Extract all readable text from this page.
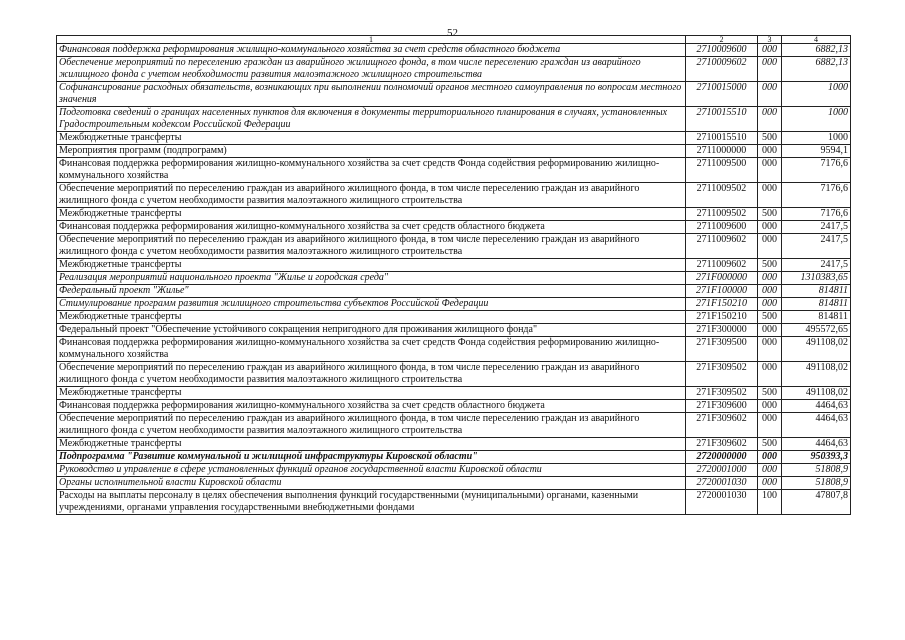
52
1	2	3	4
Финансовая поддержка реформирования жилищно-коммунального хозяйства за счет средств областного бюджета	2710009600	000	6882,13
Обеспечение мероприятий по переселению граждан из аварийного жилищного фонда, в том числе переселению граждан из аварийного жилищного фонда с учетом необходимости развития малоэтажного жилищного строительства	2710009602	000	6882,13
Софинансирование расходных обязательств, возникающих при выполнении полномочий органов местного самоуправления по вопросам местного значения	2710015000	000	1000
Подготовка сведений о границах населенных пунктов для включения в документы территориального планирования в случаях, установленных Градостроительным кодексом Российской Федерации	2710015510	000	1000
Межбюджетные трансферты	2710015510	500	1000
Мероприятия программ (подпрограмм)	2711000000	000	9594,1
Финансовая поддержка реформирования жилищно-коммунального хозяйства за счет средств Фонда содействия реформированию жилищно-коммунального хозяйства	2711009500	000	7176,6
Обеспечение мероприятий по переселению граждан из аварийного жилищного фонда, в том числе переселению граждан из аварийного жилищного фонда с учетом необходимости развития малоэтажного жилищного строительства	2711009502	000	7176,6
Межбюджетные трансферты	2711009502	500	7176,6
Финансовая поддержка реформирования жилищно-коммунального хозяйства за счет средств областного бюджета	2711009600	000	2417,5
Обеспечение мероприятий по переселению граждан из аварийного жилищного фонда, в том числе переселению граждан из аварийного жилищного фонда с учетом необходимости развития малоэтажного жилищного строительства	2711009602	000	2417,5
Межбюджетные трансферты	2711009602	500	2417,5
Реализация мероприятий национального проекта "Жилье и городская среда"	271F000000	000	1310383,65
Федеральный проект "Жилье"	271F100000	000	814811
Стимулирование программ развития жилищного строительства субъектов Российской Федерации	271F150210	000	814811
Межбюджетные трансферты	271F150210	500	814811
Федеральный проект "Обеспечение устойчивого сокращения непригодного для проживания жилищного фонда"	271F300000	000	495572,65
Финансовая поддержка реформирования жилищно-коммунального хозяйства за счет средств Фонда содействия реформированию жилищно-коммунального хозяйства	271F309500	000	491108,02
Обеспечение мероприятий по переселению граждан из аварийного жилищного фонда, в том числе переселению граждан из аварийного жилищного фонда с учетом необходимости развития малоэтажного жилищного строительства	271F309502	000	491108,02
Межбюджетные трансферты	271F309502	500	491108,02
Финансовая поддержка реформирования жилищно-коммунального хозяйства за счет средств областного бюджета	271F309600	000	4464,63
Обеспечение мероприятий по переселению граждан из аварийного жилищного фонда, в том числе переселению граждан из аварийного жилищного фонда с учетом необходимости развития малоэтажного жилищного строительства	271F309602	000	4464,63
Межбюджетные трансферты	271F309602	500	4464,63
Подпрограмма "Развитие коммунальной и жилищной инфраструктуры Кировской области"	2720000000	000	950393,3
Руководство и управление в сфере установленных функций органов государственной власти Кировской области	2720001000	000	51808,9
Органы исполнительной власти Кировской области	2720001030	000	51808,9
Расходы на выплаты персоналу в целях обеспечения выполнения функций государственными (муниципальными) органами, казенными учреждениями, органами управления государственными внебюджетными фондами	2720001030	100	47807,8
